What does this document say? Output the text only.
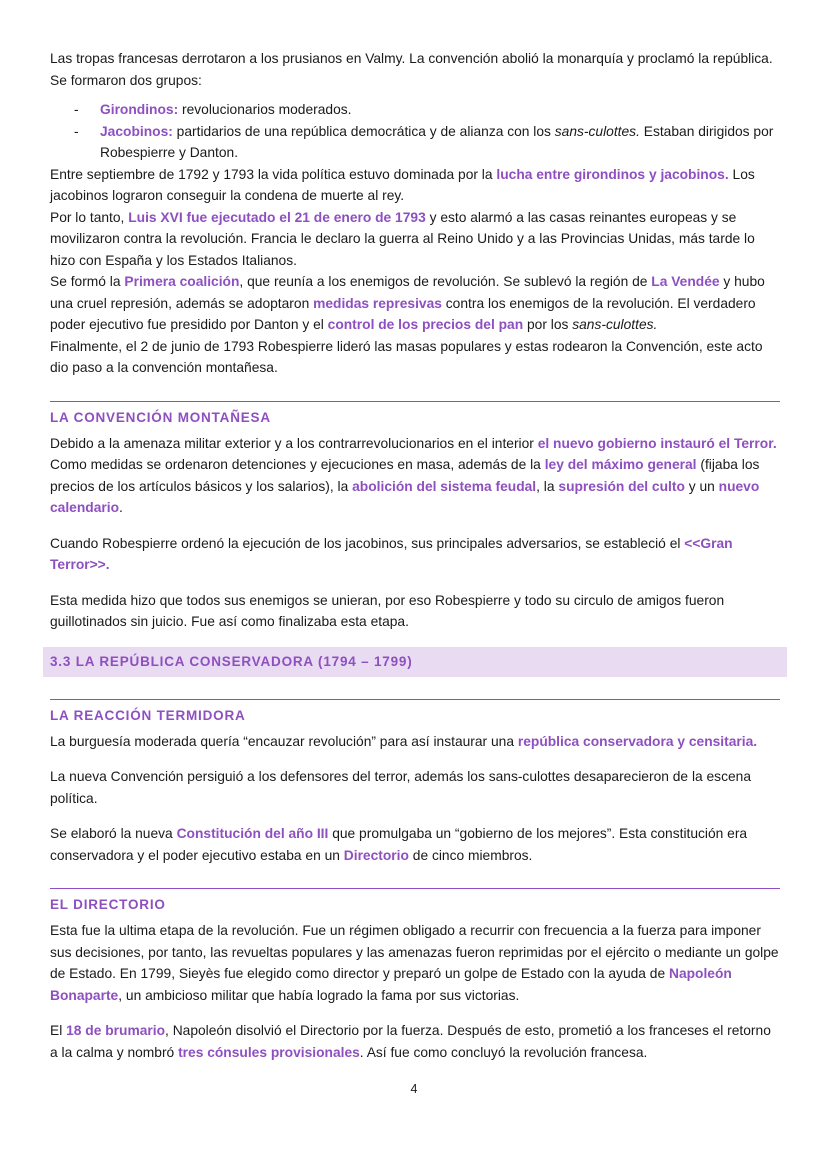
Las tropas francesas derrotaron a los prusianos en Valmy. La convención abolió la monarquía y proclamó la república. Se formaron dos grupos:

- Girondinos: revolucionarios moderados.
- Jacobinos: partidarios de una república democrática y de alianza con los sans-culottes. Estaban dirigidos por Robespierre y Danton.

Entre septiembre de 1792 y 1793 la vida política estuvo dominada por la lucha entre girondinos y jacobinos. Los jacobinos lograron conseguir la condena de muerte al rey.

Por lo tanto, Luis XVI fue ejecutado el 21 de enero de 1793 y esto alarmó a las casas reinantes europeas y se movilizaron contra la revolución. Francia le declaro la guerra al Reino Unido y a las Provincias Unidas, más tarde lo hizo con España y los Estados Italianos.

Se formó la Primera coalición, que reunía a los enemigos de revolución. Se sublevó la región de La Vendée y hubo una cruel represión, además se adoptaron medidas represivas contra los enemigos de la revolución. El verdadero poder ejecutivo fue presidido por Danton y el control de los precios del pan por los sans-culottes.

Finalmente, el 2 de junio de 1793 Robespierre lideró las masas populares y estas rodearon la Convención, este acto dio paso a la convención montañesa.

LA CONVENCIÓN MONTAÑESA

Debido a la amenaza militar exterior y a los contrarrevolucionarios en el interior el nuevo gobierno instauró el Terror. Como medidas se ordenaron detenciones y ejecuciones en masa, además de la ley del máximo general (fijaba los precios de los artículos básicos y los salarios), la abolición del sistema feudal, la supresión del culto y un nuevo calendario.

Cuando Robespierre ordenó la ejecución de los jacobinos, sus principales adversarios, se estableció el <<Gran Terror>>.

Esta medida hizo que todos sus enemigos se unieran, por eso Robespierre y todo su circulo de amigos fueron guillotinados sin juicio. Fue así como finalizaba esta etapa.

3.3 LA REPÚBLICA CONSERVADORA (1794 – 1799)
LA REACCIÓN TERMIDORA

La burguesía moderada quería “encauzar revolución” para así instaurar una república conservadora y censitaria.

La nueva Convención persiguió a los defensores del terror, además los sans-culottes desaparecieron de la escena política.

Se elaboró la nueva Constitución del año III que promulgaba un “gobierno de los mejores”. Esta constitución era conservadora y el poder ejecutivo estaba en un Directorio de cinco miembros.

EL DIRECTORIO

Esta fue la ultima etapa de la revolución. Fue un régimen obligado a recurrir con frecuencia a la fuerza para imponer sus decisiones, por tanto, las revueltas populares y las amenazas fueron reprimidas por el ejército o mediante un golpe de Estado. En 1799, Sieyès fue elegido como director y preparó un golpe de Estado con la ayuda de Napoleón Bonaparte, un ambicioso militar que había logrado la fama por sus victorias.

El 18 de brumario, Napoleón disolvió el Directorio por la fuerza. Después de esto, prometió a los franceses el retorno a la calma y nombró tres cónsules provisionales. Así fue como concluyó la revolución francesa.

4
